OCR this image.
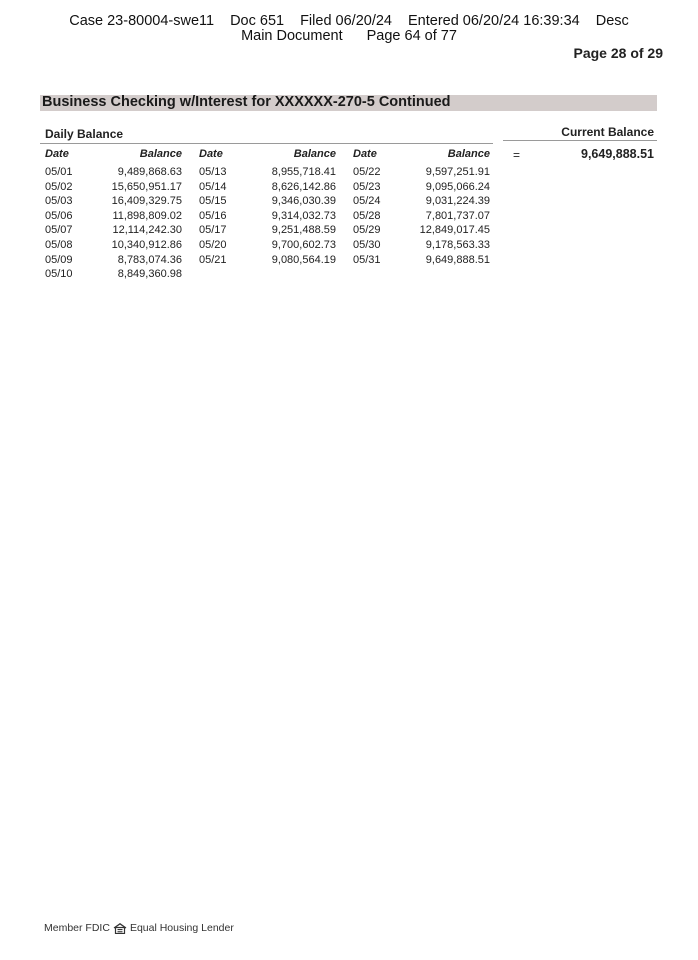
Case 23-80004-swe11 Doc 651 Filed 06/20/24 Entered 06/20/24 16:39:34 Desc
Main Document Page 64 of 77
Page 28 of 29
Business Checking w/Interest for XXXXXX-270-5 Continued
Daily Balance	Current Balance
Date	Balance
05/01	9,489,868.63
05/02	15,650,951.17
05/03	16,409,329.75
05/06	11,898,809.02
05/07	12,114,242.30
05/08	10,340,912.86
05/09	8,783,074.36
05/10	8,849,360.98
Date	Balance
05/13	8,955,718.41
05/14	8,626,142.86
05/15	9,346,030.39
05/16	9,314,032.73
05/17	9,251,488.59
05/20	9,700,602.73
05/21	9,080,564.19
Date	Balance
05/22	9,597,251.91
05/23	9,095,066.24
05/24	9,031,224.39
05/28	7,801,737.07
05/29	12,849,017.45
05/30	9,178,563.33
05/31	9,649,888.51
=	9,649,888.51
Member FDIC Equal Housing Lender
